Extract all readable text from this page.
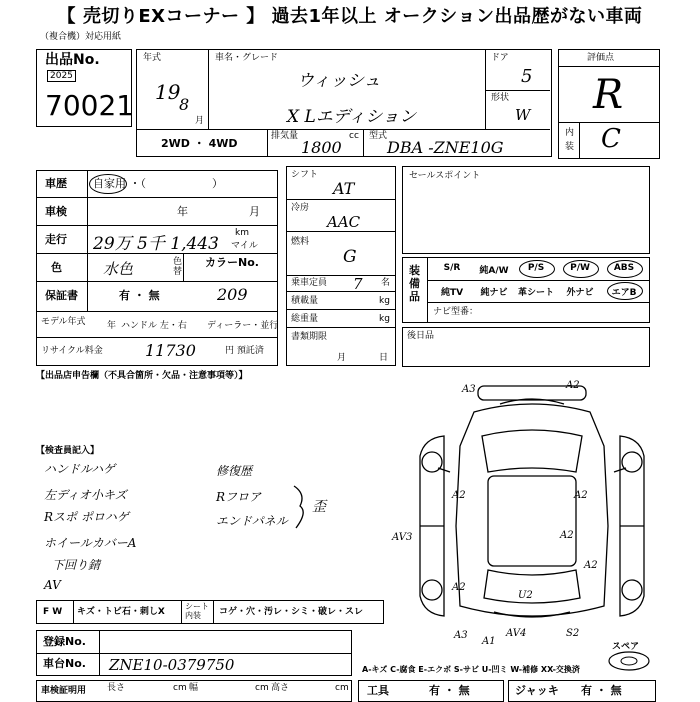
【 売切りEXコーナー 】 過去1年以上 オークション出品歴がない車両
（複合機）対応用紙
出品No.
2025
70021
年式
19
8
月
車名・グレード
ウィッシュ
X Lエディション
ドア
5
形状
W
2WD ・ 4WD
排気量	cc
1800
型式
DBA -ZNE10G
評価点
R
内
装 C
車歴 自家用 ・（　　　　　　）
車検	年	月
走行 29万 5千 1,443
km
マイル
色	水色	色替
カラーNo.
209
保証書	有 ・ 無
モデル年式 年 ハンドル 左・右 ディーラー・並行
リサイクル料金	11730	円 預託済
シフト
AT
冷房
AAC
燃料
G
乗車定員 7 名
積載量	kg
総重量	kg
書類期限
月	日
セールスポイント
装備品
ナビ型番：
S/R	純A/W	P/S	P/W	ABS
純TV	純ナビ	革シート	外ナビ	エアB
後日品
【出品店申告欄（不具合箇所・欠品・注意事項等）】
【検査員記入】
ハンドルハゲ
左ディオ小キズ
Rスポ ポロハゲ
ホイールカバーA
下回り錆
AV
修復歴
Rフロア
エンドパネル
歪
F W キズ・トビ石・刺しX
シート内装	コゲ・穴・汚レ・シミ・破レ・スレ
登録No.
車台No. ZNE10-0379750
車検証明用 長さ	cm 幅	cm 高さ	cm 工具	有 ・ 無	ジャッキ 有 ・ 無
A3	A2
A2	A2
A2
A2
AV3
U2
A3
A1
AV4	S2
A2
A-キズ C-腐食 E-エクボ S-サビ U-凹ミ W-補修 XX-交換済
スペア
